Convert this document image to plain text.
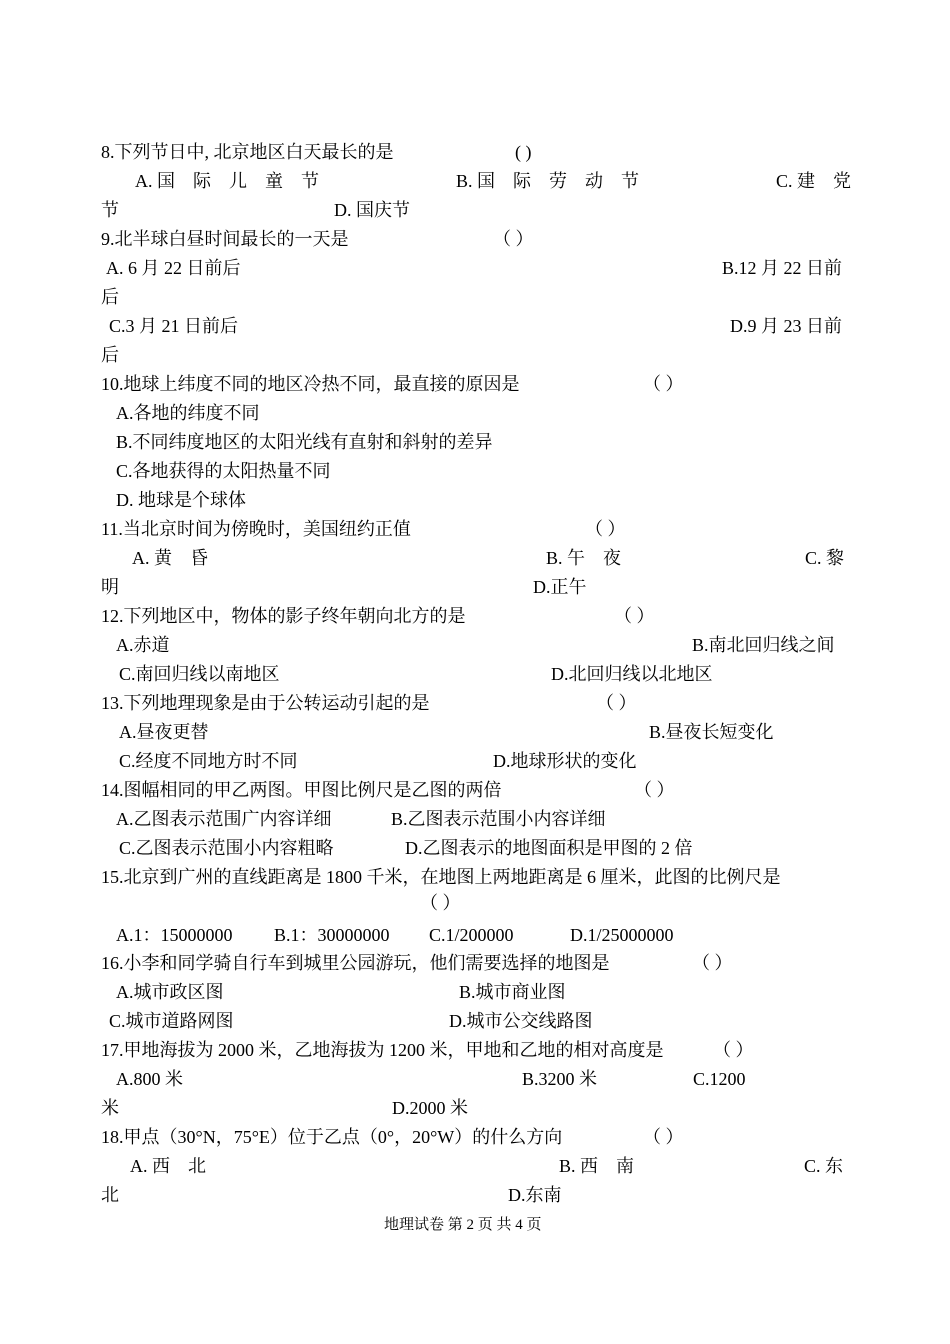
8.下列节日中, 北京地区白天最长的是	( )
A. 国　际　儿　童　节	B. 国　际　劳　动　节	C. 建　党
节	D. 国庆节
9.北半球白昼时间最长的一天是	（ ）
A. 6 月 22 日前后	B.12 月 22 日前
后
C.3 月 21 日前后	D.9 月 23 日前
后
10.地球上纬度不同的地区冷热不同，最直接的原因是	（ ）
A.各地的纬度不同
B.不同纬度地区的太阳光线有直射和斜射的差异
C.各地获得的太阳热量不同
D. 地球是个球体
11.当北京时间为傍晚时，美国纽约正值	（ ）
A. 黄　昏	B. 午　夜	C. 黎
明	D.正午
12.下列地区中，物体的影子终年朝向北方的是	（ ）
A.赤道	B.南北回归线之间
C.南回归线以南地区	D.北回归线以北地区
13.下列地理现象是由于公转运动引起的是	（ ）
A.昼夜更替	B.昼夜长短变化
C.经度不同地方时不同	D.地球形状的变化
14.图幅相同的甲乙两图。甲图比例尺是乙图的两倍	（ ）
A.乙图表示范围广内容详细	B.乙图表示范围小内容详细
C.乙图表示范围小内容粗略	D.乙图表示的地图面积是甲图的 2 倍
15.北京到广州的直线距离是 1800 千米，在地图上两地距离是 6 厘米，此图的比例尺是
（ ）
A.1：15000000 B.1：30000000 C.1/200000	D.1/25000000
16.小李和同学骑自行车到城里公园游玩，他们需要选择的地图是	（ ）
A.城市政区图	B.城市商业图
C.城市道路网图	D.城市公交线路图
17.甲地海拔为 2000 米，乙地海拔为 1200 米，甲地和乙地的相对高度是	（ ）
A.800 米	B.3200 米	C.1200
米	D.2000 米
18.甲点（30°N，75°E）位于乙点（0°，20°W）的什么方向	（ ）
A. 西　北	B. 西　南	C. 东
北	D.东南
地理试卷 第 2 页 共 4 页
